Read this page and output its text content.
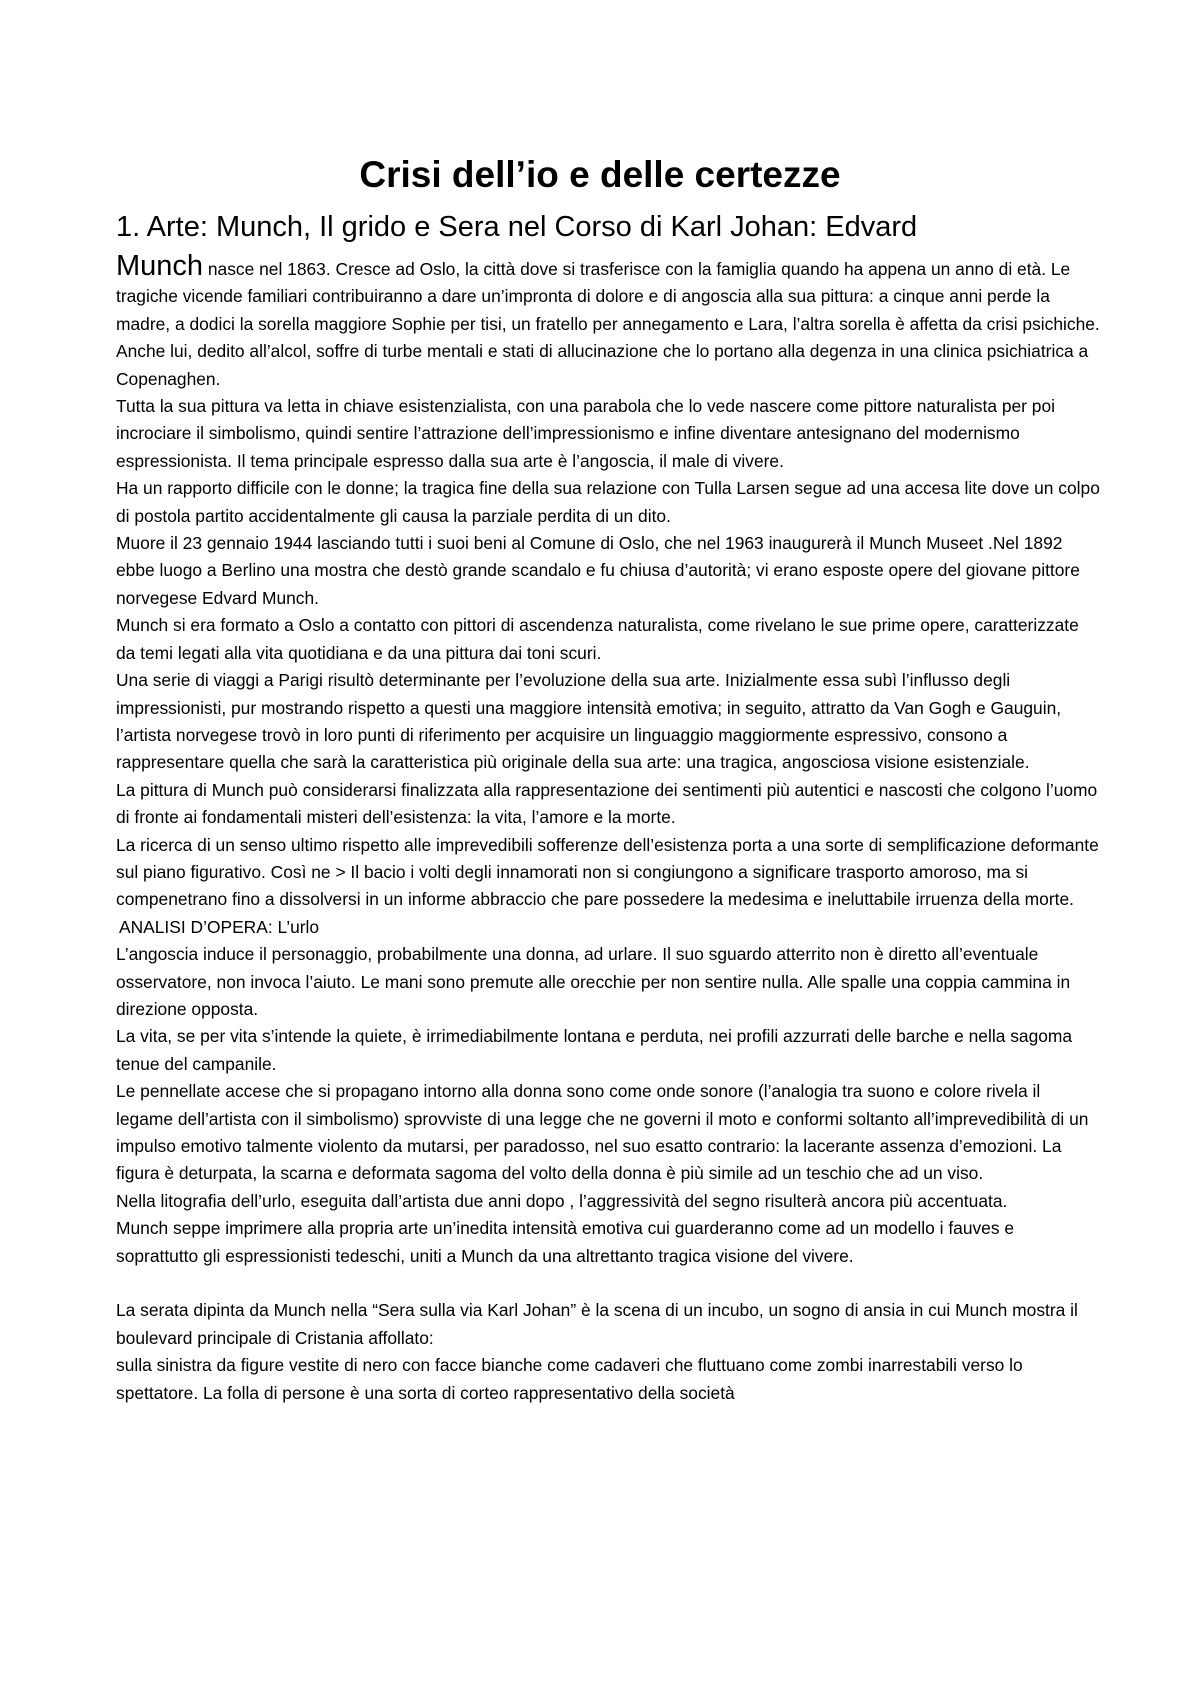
Crisi dell’io e delle certezze
1. Arte: Munch, Il grido e Sera nel Corso di Karl Johan: Edvard

Munch nasce nel 1863. Cresce ad Oslo, la città dove si trasferisce con la famiglia quando ha appena un anno di età. Le tragiche vicende familiari contribuiranno a dare un’impronta di dolore e di angoscia alla sua pittura: a cinque anni perde la madre, a dodici la sorella maggiore Sophie per tisi, un fratello per annegamento e Lara, l’altra sorella è affetta da crisi psichiche. Anche lui, dedito all’alcol, soffre di turbe mentali e stati di allucinazione che lo portano alla degenza in una clinica psichiatrica a Copenaghen.

Tutta la sua pittura va letta in chiave esistenzialista, con una parabola che lo vede nascere come pittore naturalista per poi incrociare il simbolismo, quindi sentire l’attrazione dell’impressionismo e infine diventare antesignano del modernismo espressionista. Il tema principale espresso dalla sua arte è l’angoscia, il male di vivere.

Ha un rapporto difficile con le donne; la tragica fine della sua relazione con Tulla Larsen segue ad una accesa lite dove un colpo di postola partito accidentalmente gli causa la parziale perdita di un dito.

Muore il 23 gennaio 1944 lasciando tutti i suoi beni al Comune di Oslo, che nel 1963 inaugurerà il Munch Museet .Nel 1892 ebbe luogo a Berlino una mostra che destò grande scandalo e fu chiusa d’autorità; vi erano esposte opere del giovane pittore norvegese Edvard Munch.

Munch si era formato a Oslo a contatto con pittori di ascendenza naturalista, come rivelano le sue prime opere, caratterizzate da temi legati alla vita quotidiana e da una pittura dai toni scuri.

Una serie di viaggi a Parigi risultò determinante per l’evoluzione della sua arte. Inizialmente essa subì l’influsso degli impressionisti, pur mostrando rispetto a questi una maggiore intensità emotiva; in seguito, attratto da Van Gogh e Gauguin, l’artista norvegese trovò in loro punti di riferimento per acquisire un linguaggio maggiormente espressivo, consono a rappresentare quella che sarà la caratteristica più originale della sua arte: una tragica, angosciosa visione esistenziale.

La pittura di Munch può considerarsi finalizzata alla rappresentazione dei sentimenti più autentici e nascosti che colgono l’uomo di fronte ai fondamentali misteri dell’esistenza: la vita, l’amore e la morte.

La ricerca di un senso ultimo rispetto alle imprevedibili sofferenze dell’esistenza porta a una sorte di semplificazione deformante sul piano figurativo. Così ne > Il bacio i volti degli innamorati non si congiungono a significare trasporto amoroso, ma si compenetrano fino a dissolversi in un informe abbraccio che pare possedere la medesima e ineluttabile irruenza della morte.

ANALISI D’OPERA: L’urlo

L’angoscia induce il personaggio, probabilmente una donna, ad urlare. Il suo sguardo atterrito non è diretto all’eventuale osservatore, non invoca l’aiuto. Le mani sono premute alle orecchie per non sentire nulla. Alle spalle una coppia cammina in direzione opposta.

La vita, se per vita s’intende la quiete, è irrimediabilmente lontana e perduta, nei profili azzurrati delle barche e nella sagoma tenue del campanile.

Le pennellate accese che si propagano intorno alla donna sono come onde sonore (l’analogia tra suono e colore rivela il legame dell’artista con il simbolismo) sprovviste di una legge che ne governi il moto e conformi soltanto all’imprevedibilità di un impulso emotivo talmente violento da mutarsi, per paradosso, nel suo esatto contrario: la lacerante assenza d’emozioni. La figura è deturpata, la scarna e deformata sagoma del volto della donna è più simile ad un teschio che ad un viso.

Nella litografia dell’urlo, eseguita dall’artista due anni dopo , l’aggressività del segno risulterà ancora più accentuata.

Munch seppe imprimere alla propria arte un’inedita intensità emotiva cui guarderanno come ad un modello i fauves e soprattutto gli espressionisti tedeschi, uniti a Munch da una altrettanto tragica visione del vivere.

La serata dipinta da Munch nella “Sera sulla via Karl Johan” è la scena di un incubo, un sogno di ansia in cui Munch mostra il boulevard principale di Cristania affollato:

sulla sinistra da figure vestite di nero con facce bianche come cadaveri che fluttuano come zombi inarrestabili verso lo spettatore. La folla di persone è una sorta di corteo rappresentativo della società
